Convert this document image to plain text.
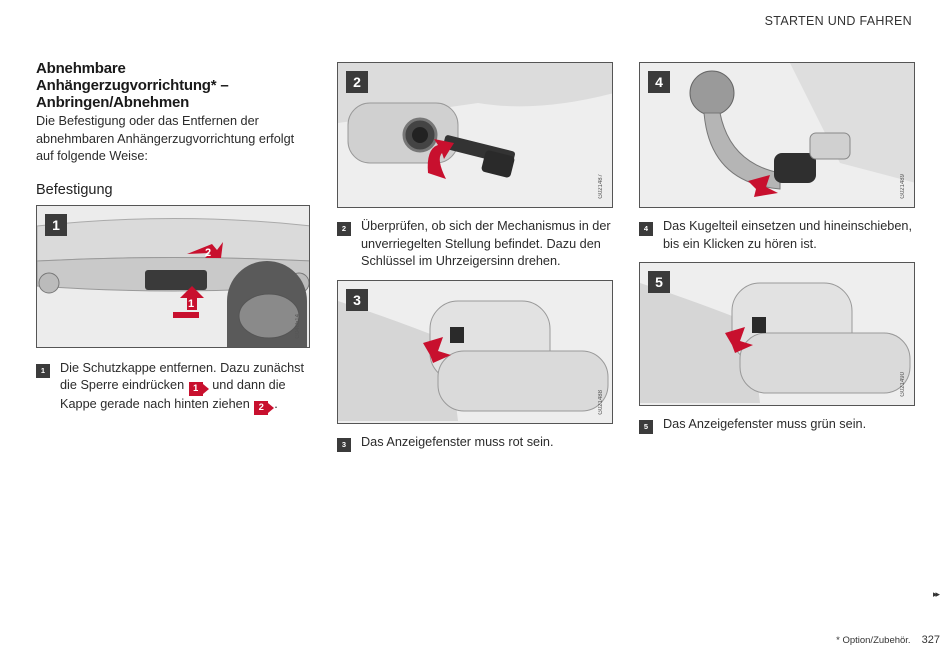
STARTEN UND FAHREN
Abnehmbare Anhängerzugvorrichtung* – Anbringen/Abnehmen

Die Befestigung oder das Entfernen der abnehmbaren Anhängerzugvorrichtung erfolgt auf folgende Weise:

Befestigung
1
G046514
1
2
1	Die Schutzkappe entfernen. Dazu zunächst die Sperre eindrücken 1 und dann die Kappe gerade nach hinten ziehen 2 .
2
G021487
2	Überprüfen, ob sich der Mechanismus in der unverriegelten Stellung befindet. Dazu den Schlüssel im Uhrzeigersinn drehen.
3
G021488
3	Das Anzeigefenster muss rot sein.
4
G021489
4	Das Kugelteil einsetzen und hineinschieben, bis ein Klicken zu hören ist.
5
G021490
5	Das Anzeigefenster muss grün sein.
▸▸
* Option/Zubehör. 327
